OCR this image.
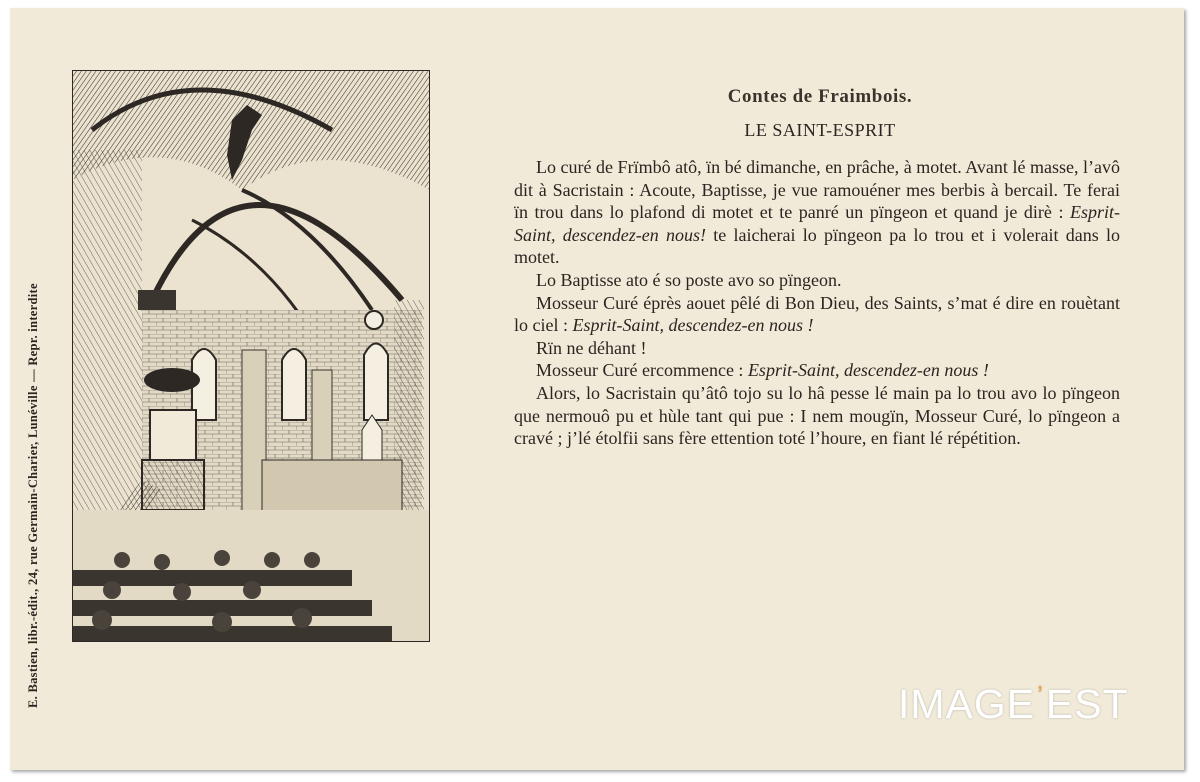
E. Bastien, libr.-édit., 24, rue Germain-Charier, Lunéville — Repr. interdite
Contes de Fraimbois.
LE SAINT-ESPRIT

Lo curé de Frïmbô atô, ïn bé dimanche, en prâche, à motet. Avant lé masse, l’avô dit à Sacristain : Acoute, Baptisse, je vue ramouéner mes berbis à bercail. Te ferai ïn trou dans lo plafond di motet et te panré un pïngeon et quand je dirè : Esprit-Saint, descendez-en nous! te laicherai lo pïngeon pa lo trou et i volerait dans lo motet.

Lo Baptisse ato é so poste avo so pïngeon.

Mosseur Curé éprès aouet pêlé di Bon Dieu, des Saints, s’mat é dire en rouètant lo ciel : Esprit-Saint, descendez-en nous !

Rïn ne déhant !

Mosseur Curé ercommence : Esprit-Saint, descendez-en nous !

Alors, lo Sacristain qu’âtô tojo su lo hâ pesse lé main pa lo trou avo lo pïngeon que nermouô pu et hùle tant qui pue : I nem mougïn, Mosseur Curé, lo pïngeon a cravé ; j’lé étolfii sans fère ettention toté l’houre, en fiant lé répétition.

IMAGE’EST
